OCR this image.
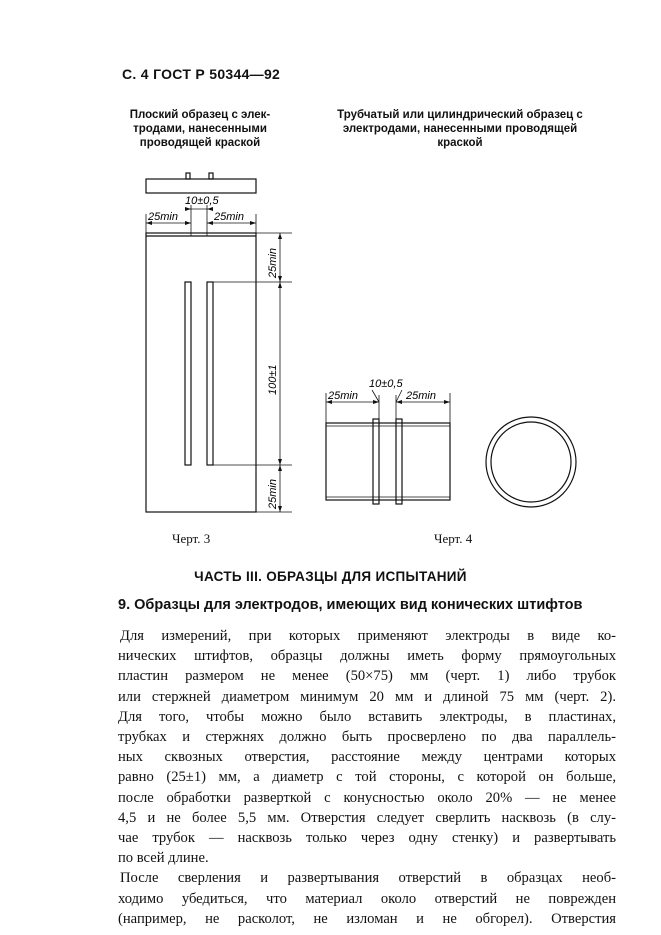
С. 4 ГОСТ Р 50344—92
Плоский образец с элек-
тродами, нанесенными
проводящей краской
Трубчатый или цилиндрический образец с
электродами, нанесенными проводящей
краской
10±0,5
25min	25min
25min
100±1
25min
10±0,5
25min	25min
Черт. 3	Черт. 4
ЧАСТЬ III. ОБРАЗЦЫ ДЛЯ ИСПЫТАНИЙ
9. Образцы для электродов, имеющих вид конических штифтов
Для измерений, при которых применяют электроды в виде ко-
нических штифтов, образцы должны иметь форму прямоугольных
пластин размером не менее (50×75) мм (черт. 1) либо трубок
или стержней диаметром минимум 20 мм и длиной 75 мм (черт. 2).
Для того, чтобы можно было вставить электроды, в пластинах,
трубках и стержнях должно быть просверлено по два параллель-
ных сквозных отверстия, расстояние между центрами которых
равно (25±1) мм, а диаметр с той стороны, с которой он больше,
после обработки разверткой с конусностью около 20% — не менее
4,5 и не более 5,5 мм. Отверстия следует сверлить насквозь (в слу-
чае трубок — насквозь только через одну стенку) и развертывать
по всей длине.
После сверления и развертывания отверстий в образцах необ-
ходимо убедиться, что материал около отверстий не поврежден
(например, не расколот, не изломан и не обгорел). Отверстия
